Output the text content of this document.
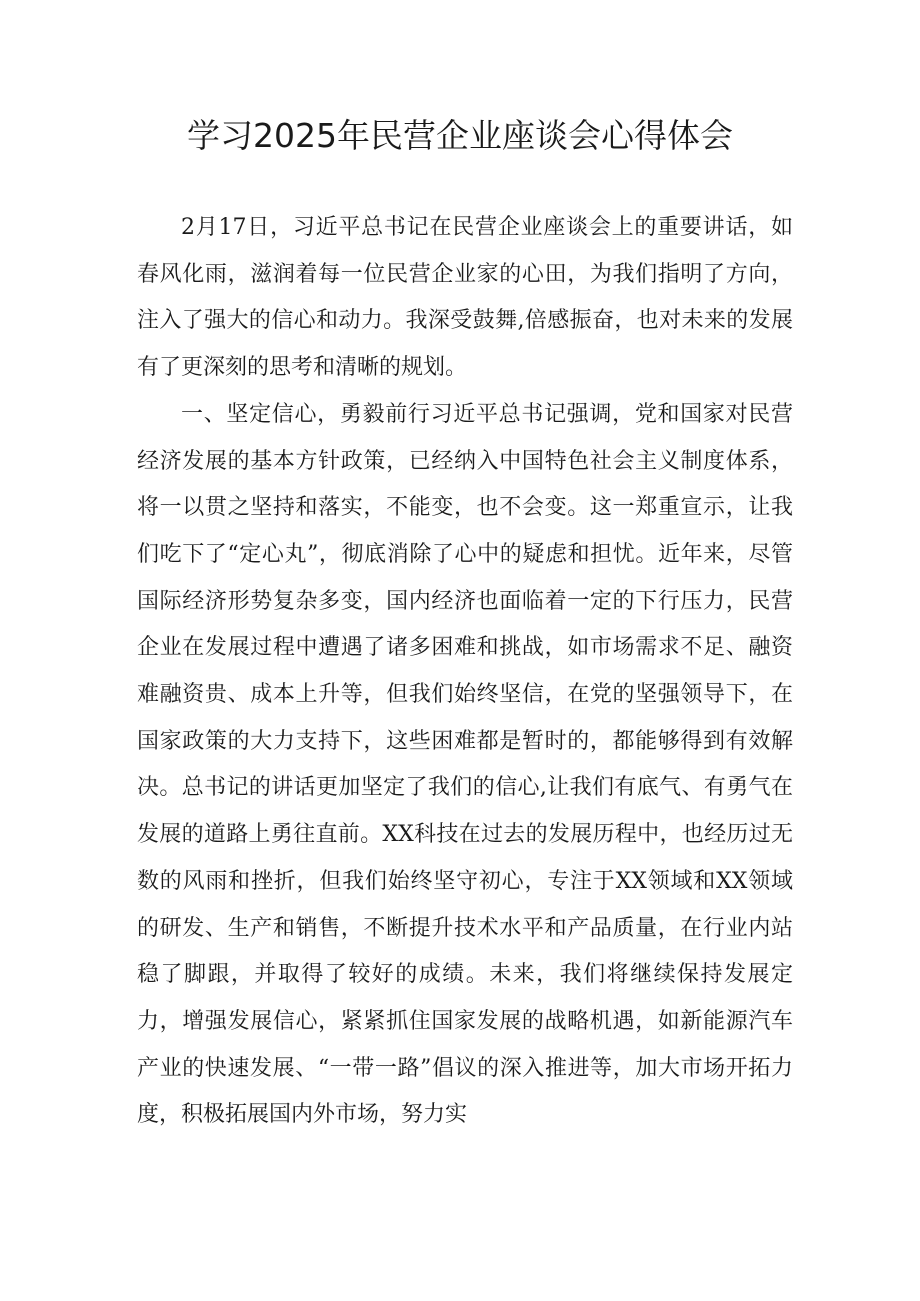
学习2025年民营企业座谈会心得体会

2月17日，习近平总书记在民营企业座谈会上的重要讲话，如春风化雨，滋润着每一位民营企业家的心田，为我们指明了方向，注入了强大的信心和动力。我深受鼓舞,倍感振奋，也对未来的发展有了更深刻的思考和清晰的规划。

一、坚定信心，勇毅前行习近平总书记强调，党和国家对民营经济发展的基本方针政策，已经纳入中国特色社会主义制度体系，将一以贯之坚持和落实，不能变，也不会变。这一郑重宣示，让我们吃下了“定心丸”，彻底消除了心中的疑虑和担忧。近年来，尽管国际经济形势复杂多变，国内经济也面临着一定的下行压力，民营企业在发展过程中遭遇了诸多困难和挑战，如市场需求不足、融资难融资贵、成本上升等，但我们始终坚信，在党的坚强领导下，在国家政策的大力支持下，这些困难都是暂时的，都能够得到有效解决。总书记的讲话更加坚定了我们的信心,让我们有底气、有勇气在发展的道路上勇往直前。XX科技在过去的发展历程中，也经历过无数的风雨和挫折，但我们始终坚守初心，专注于XX领域和XX领域的研发、生产和销售，不断提升技术水平和产品质量，在行业内站稳了脚跟，并取得了较好的成绩。未来，我们将继续保持发展定力，增强发展信心，紧紧抓住国家发展的战略机遇，如新能源汽车产业的快速发展、“一带一路”倡议的深入推进等，加大市场开拓力度，积极拓展国内外市场，努力实
